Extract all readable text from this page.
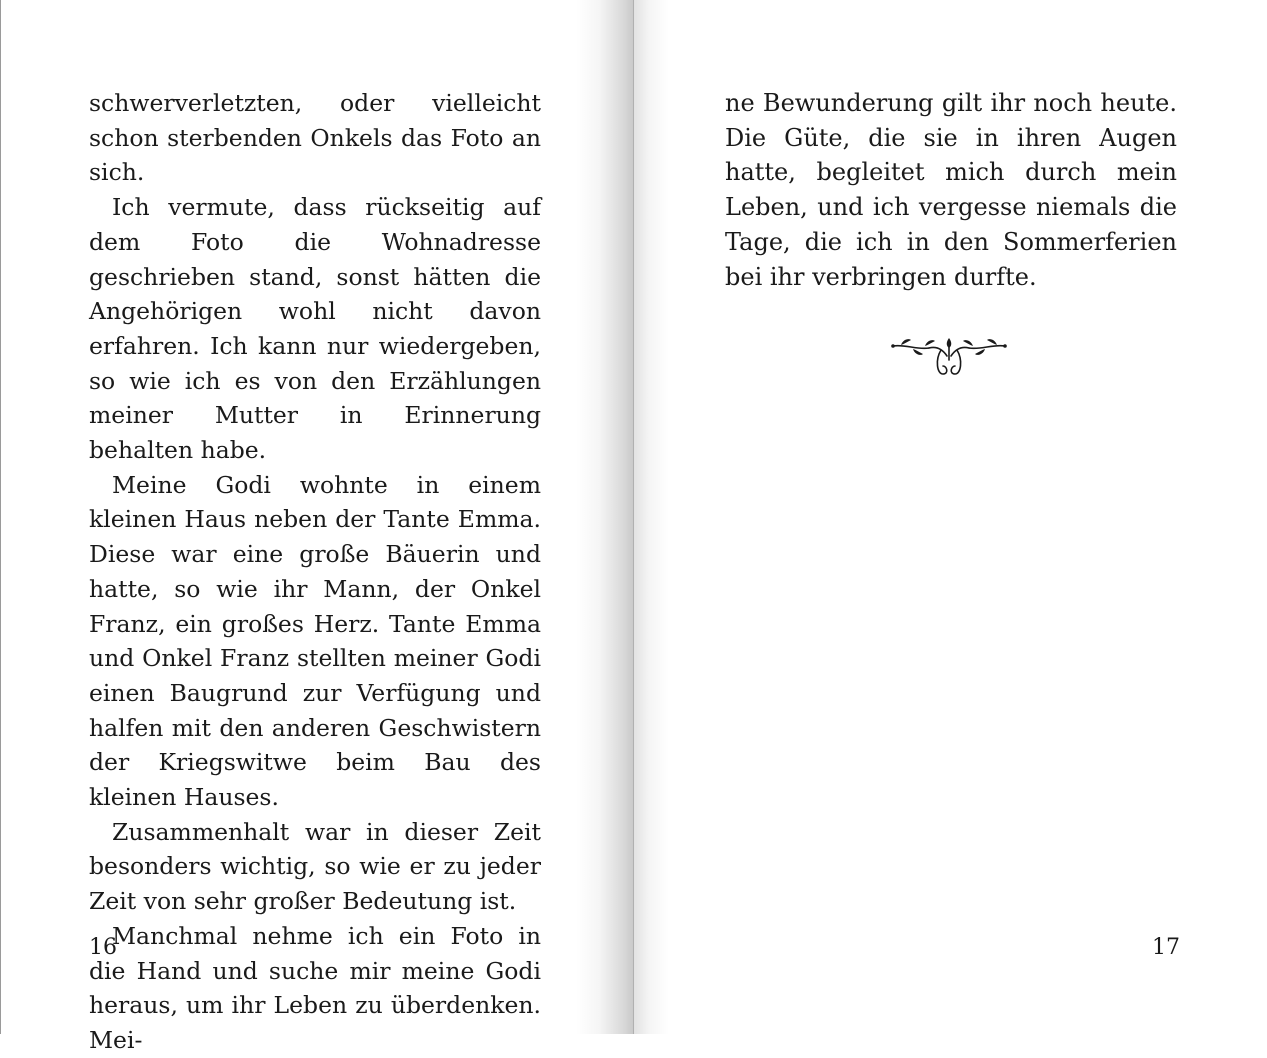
schwerverletzten, oder vielleicht schon sterbenden Onkels das Foto an sich.

Ich vermute, dass rückseitig auf dem Foto die Wohnadresse geschrieben stand, sonst hätten die Angehörigen wohl nicht davon erfahren. Ich kann nur wiedergeben, so wie ich es von den Erzählungen meiner Mutter in Erinnerung behalten habe.

Meine Godi wohnte in einem kleinen Haus neben der Tante Emma. Diese war eine große Bäuerin und hatte, so wie ihr Mann, der Onkel Franz, ein großes Herz. Tante Emma und Onkel Franz stellten meiner Godi einen Baugrund zur Verfügung und halfen mit den anderen Geschwistern der Kriegswitwe beim Bau des kleinen Hauses.

Zusammenhalt war in dieser Zeit besonders wichtig, so wie er zu jeder Zeit von sehr großer Bedeutung ist.

Manchmal nehme ich ein Foto in die Hand und suche mir meine Godi heraus, um ihr Leben zu überdenken. Mei-

ne Bewunderung gilt ihr noch heute. Die Güte, die sie in ihren Augen hatte, begleitet mich durch mein Leben, und ich vergesse niemals die Tage, die ich in den Sommerferien bei ihr verbringen durfte.

16	17
